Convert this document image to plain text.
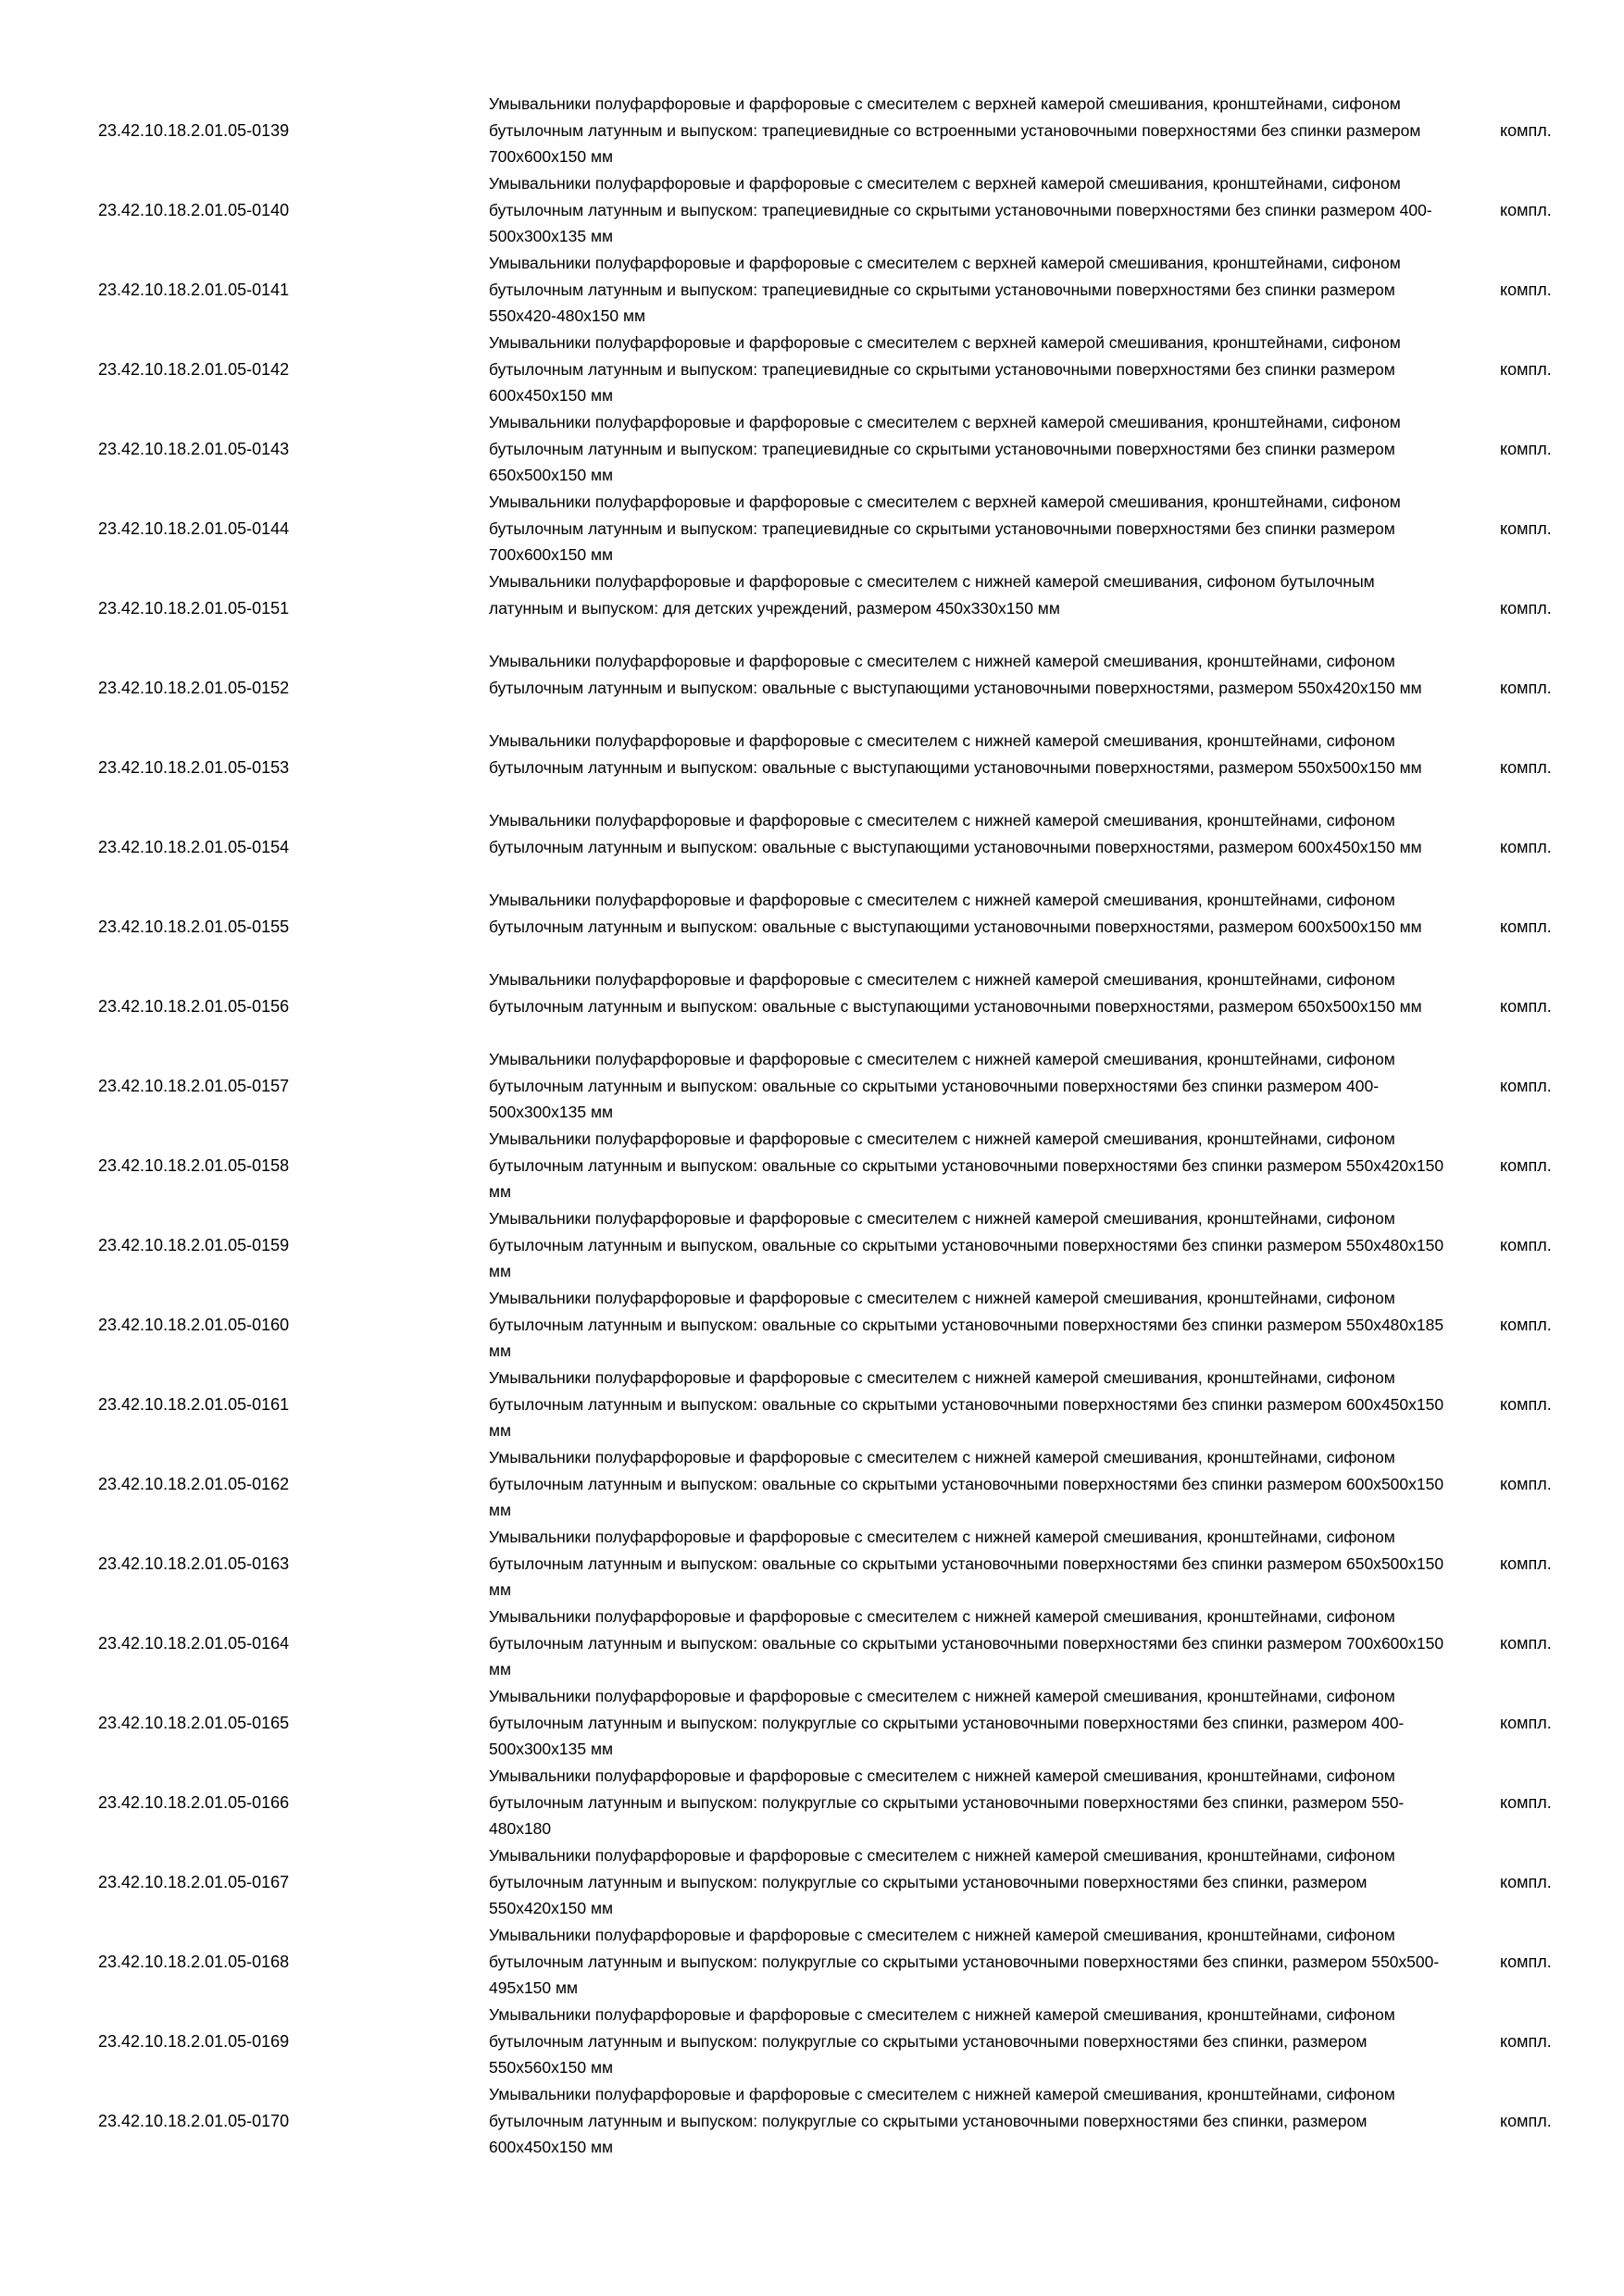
23.42.10.18.2.01.05-0139
Умывальники полуфарфоровые и фарфоровые с смесителем с верхней камерой смешивания, кронштейнами, сифоном бутылочным латунным и выпуском: трапециевидные со встроенными установочными поверхностями без спинки размером 700x600x150 мм
компл.
23.42.10.18.2.01.05-0140
Умывальники полуфарфоровые и фарфоровые с смесителем с верхней камерой смешивания, кронштейнами, сифоном бутылочным латунным и выпуском: трапециевидные со скрытыми установочными поверхностями без спинки размером 400-500x300x135 мм
компл.
23.42.10.18.2.01.05-0141
Умывальники полуфарфоровые и фарфоровые с смесителем с верхней камерой смешивания, кронштейнами, сифоном бутылочным латунным и выпуском: трапециевидные со скрытыми установочными поверхностями без спинки размером 550x420-480x150 мм
компл.
23.42.10.18.2.01.05-0142
Умывальники полуфарфоровые и фарфоровые с смесителем с верхней камерой смешивания, кронштейнами, сифоном бутылочным латунным и выпуском: трапециевидные со скрытыми установочными поверхностями без спинки размером 600x450x150 мм
компл.
23.42.10.18.2.01.05-0143
Умывальники полуфарфоровые и фарфоровые с смесителем с верхней камерой смешивания, кронштейнами, сифоном бутылочным латунным и выпуском: трапециевидные со скрытыми установочными поверхностями без спинки размером 650x500x150 мм
компл.
23.42.10.18.2.01.05-0144
Умывальники полуфарфоровые и фарфоровые с смесителем с верхней камерой смешивания, кронштейнами, сифоном бутылочным латунным и выпуском: трапециевидные со скрытыми установочными поверхностями без спинки размером 700x600x150 мм
компл.
23.42.10.18.2.01.05-0151
Умывальники полуфарфоровые и фарфоровые с смесителем с нижней камерой смешивания, сифоном бутылочным латунным и выпуском: для детских учреждений, размером 450x330x150 мм	компл.
23.42.10.18.2.01.05-0152
Умывальники полуфарфоровые и фарфоровые с смесителем с нижней камерой смешивания, кронштейнами, сифоном бутылочным латунным и выпуском: овальные с выступающими установочными поверхностями, размером 550x420x150 мм	компл.
23.42.10.18.2.01.05-0153
Умывальники полуфарфоровые и фарфоровые с смесителем с нижней камерой смешивания, кронштейнами, сифоном бутылочным латунным и выпуском: овальные с выступающими установочными поверхностями, размером 550x500x150 мм	компл.
23.42.10.18.2.01.05-0154
Умывальники полуфарфоровые и фарфоровые с смесителем с нижней камерой смешивания, кронштейнами, сифоном бутылочным латунным и выпуском: овальные с выступающими установочными поверхностями, размером 600x450x150 мм	компл.
23.42.10.18.2.01.05-0155
Умывальники полуфарфоровые и фарфоровые с смесителем с нижней камерой смешивания, кронштейнами, сифоном бутылочным латунным и выпуском: овальные с выступающими установочными поверхностями, размером 600x500x150 мм	компл.
23.42.10.18.2.01.05-0156
Умывальники полуфарфоровые и фарфоровые с смесителем с нижней камерой смешивания, кронштейнами, сифоном бутылочным латунным и выпуском: овальные с выступающими установочными поверхностями, размером 650x500x150 мм	компл.
23.42.10.18.2.01.05-0157
Умывальники полуфарфоровые и фарфоровые с смесителем с нижней камерой смешивания, кронштейнами, сифоном бутылочным латунным и выпуском: овальные со скрытыми установочными поверхностями без спинки размером 400-500x300x135 мм
компл.
23.42.10.18.2.01.05-0158
Умывальники полуфарфоровые и фарфоровые с смесителем с нижней камерой смешивания, кронштейнами, сифоном бутылочным латунным и выпуском: овальные со скрытыми установочными поверхностями без спинки размером 550x420x150 мм
компл.
23.42.10.18.2.01.05-0159
Умывальники полуфарфоровые и фарфоровые с смесителем с нижней камерой смешивания, кронштейнами, сифоном бутылочным латунным и выпуском, овальные со скрытыми установочными поверхностями без спинки размером 550x480x150 мм
компл.
23.42.10.18.2.01.05-0160
Умывальники полуфарфоровые и фарфоровые с смесителем с нижней камерой смешивания, кронштейнами, сифоном бутылочным латунным и выпуском: овальные со скрытыми установочными поверхностями без спинки размером 550x480x185 мм
компл.
23.42.10.18.2.01.05-0161
Умывальники полуфарфоровые и фарфоровые с смесителем с нижней камерой смешивания, кронштейнами, сифоном бутылочным латунным и выпуском: овальные со скрытыми установочными поверхностями без спинки размером 600x450x150 мм
компл.
23.42.10.18.2.01.05-0162
Умывальники полуфарфоровые и фарфоровые с смесителем с нижней камерой смешивания, кронштейнами, сифоном бутылочным латунным и выпуском: овальные со скрытыми установочными поверхностями без спинки размером 600x500x150 мм
компл.
23.42.10.18.2.01.05-0163
Умывальники полуфарфоровые и фарфоровые с смесителем с нижней камерой смешивания, кронштейнами, сифоном бутылочным латунным и выпуском: овальные со скрытыми установочными поверхностями без спинки размером 650x500x150 мм
компл.
23.42.10.18.2.01.05-0164
Умывальники полуфарфоровые и фарфоровые с смесителем с нижней камерой смешивания, кронштейнами, сифоном бутылочным латунным и выпуском: овальные со скрытыми установочными поверхностями без спинки размером 700x600x150 мм
компл.
23.42.10.18.2.01.05-0165
Умывальники полуфарфоровые и фарфоровые с смесителем с нижней камерой смешивания, кронштейнами, сифоном бутылочным латунным и выпуском: полукруглые со скрытыми установочными поверхностями без спинки, размером 400-500x300x135 мм
компл.
23.42.10.18.2.01.05-0166
Умывальники полуфарфоровые и фарфоровые с смесителем с нижней камерой смешивания, кронштейнами, сифоном бутылочным латунным и выпуском: полукруглые со скрытыми установочными поверхностями без спинки, размером 550-480x180
компл.
23.42.10.18.2.01.05-0167
Умывальники полуфарфоровые и фарфоровые с смесителем с нижней камерой смешивания, кронштейнами, сифоном бутылочным латунным и выпуском: полукруглые со скрытыми установочными поверхностями без спинки, размером 550x420x150 мм
компл.
23.42.10.18.2.01.05-0168
Умывальники полуфарфоровые и фарфоровые с смесителем с нижней камерой смешивания, кронштейнами, сифоном бутылочным латунным и выпуском: полукруглые со скрытыми установочными поверхностями без спинки, размером 550x500-495x150 мм
компл.
23.42.10.18.2.01.05-0169
Умывальники полуфарфоровые и фарфоровые с смесителем с нижней камерой смешивания, кронштейнами, сифоном бутылочным латунным и выпуском: полукруглые со скрытыми установочными поверхностями без спинки, размером 550x560x150 мм
компл.
23.42.10.18.2.01.05-0170
Умывальники полуфарфоровые и фарфоровые с смесителем с нижней камерой смешивания, кронштейнами, сифоном бутылочным латунным и выпуском: полукруглые со скрытыми установочными поверхностями без спинки, размером 600x450x150 мм
компл.
